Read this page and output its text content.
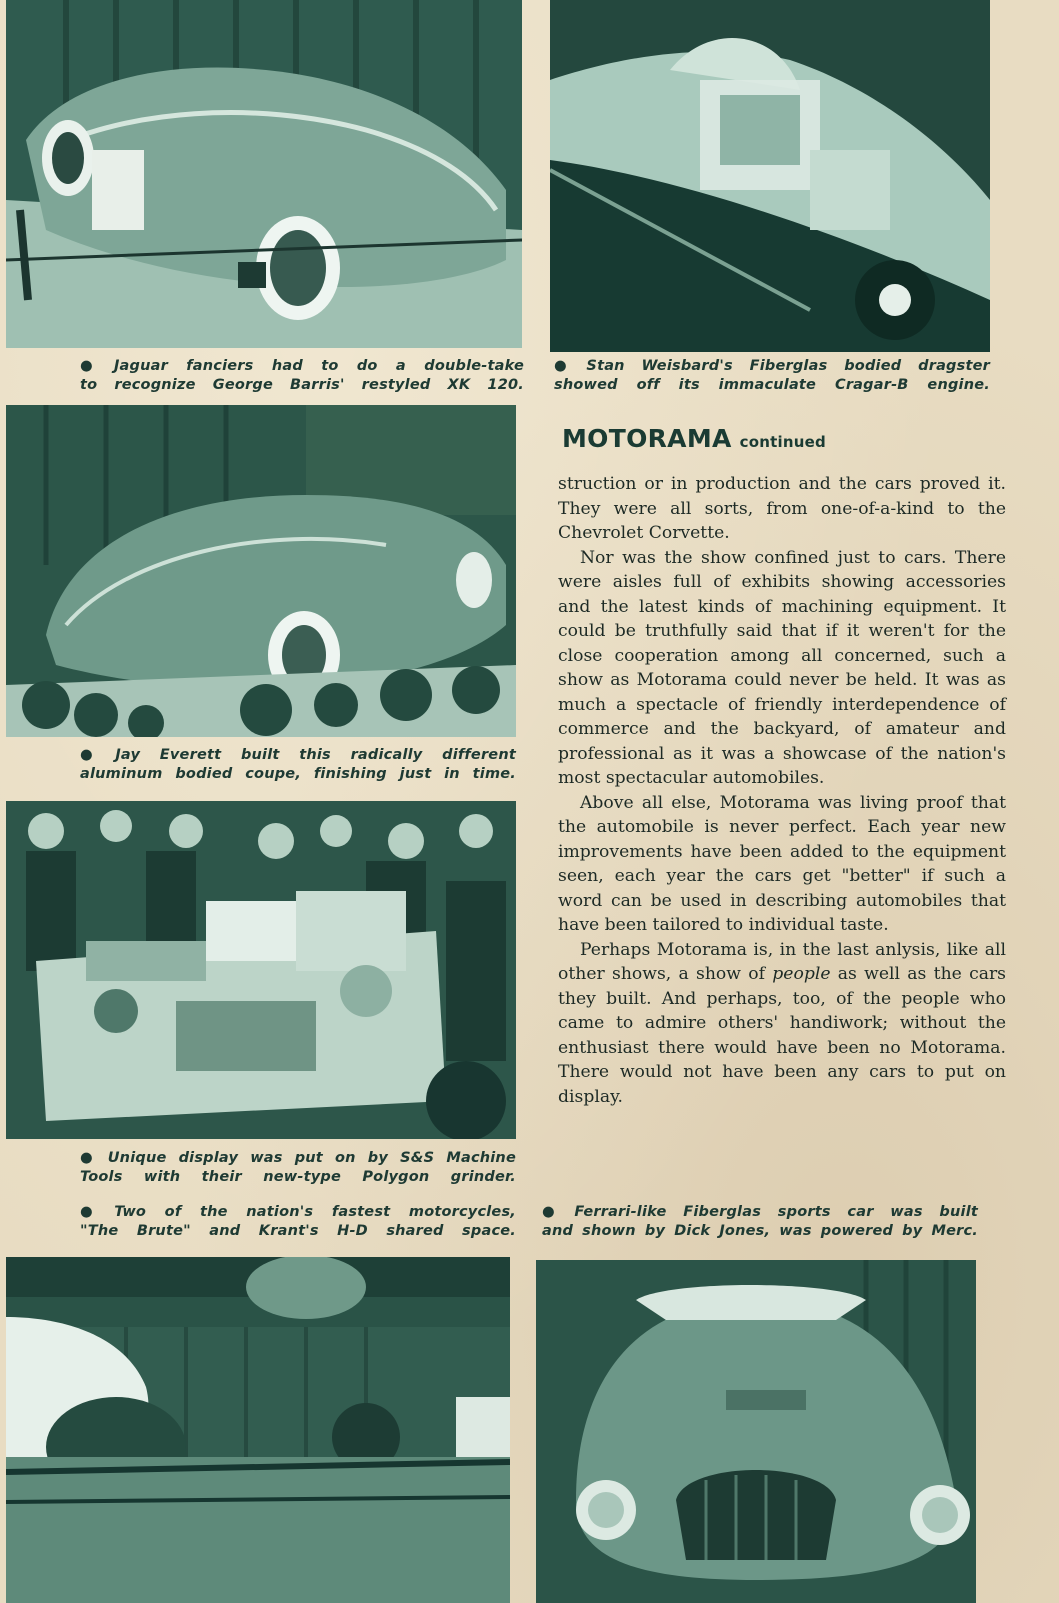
● Jaguar fanciers had to do a double-take

to recognize George Barris' restyled XK 120.

● Stan Weisbard's Fiberglas bodied dragster

showed off its immaculate Cragar-B engine.

● Jay Everett built this radically different

aluminum bodied coupe, finishing just in time.

● Unique display was put on by S&S Machine

Tools with their new-type Polygon grinder.

● Two of the nation's fastest motorcycles,

"The Brute" and Krant's H-D shared space.

● Ferrari-like Fiberglas sports car was built

and shown by Dick Jones, was powered by Merc.

MOTORAMA continued

struction or in production and the cars proved it. They were all sorts, from one-of-a-kind to the Chevrolet Corvette.

Nor was the show confined just to cars. There were aisles full of exhibits showing accessories and the latest kinds of machining equipment. It could be truthfully said that if it weren't for the close cooperation among all concerned, such a show as Motorama could never be held. It was as much a spectacle of friendly interdependence of commerce and the backyard, of amateur and professional as it was a showcase of the nation's most spectacular automobiles.

Above all else, Motorama was living proof that the automobile is never perfect. Each year new improvements have been added to the equipment seen, each year the cars get "better" if such a word can be used in describing automobiles that have been tailored to individual taste.

Perhaps Motorama is, in the last anlysis, like all other shows, a show of people as well as the cars they built. And perhaps, too, of the people who came to admire others' handiwork; without the enthusiast there would have been no Motorama. There would not have been any cars to put on display.
